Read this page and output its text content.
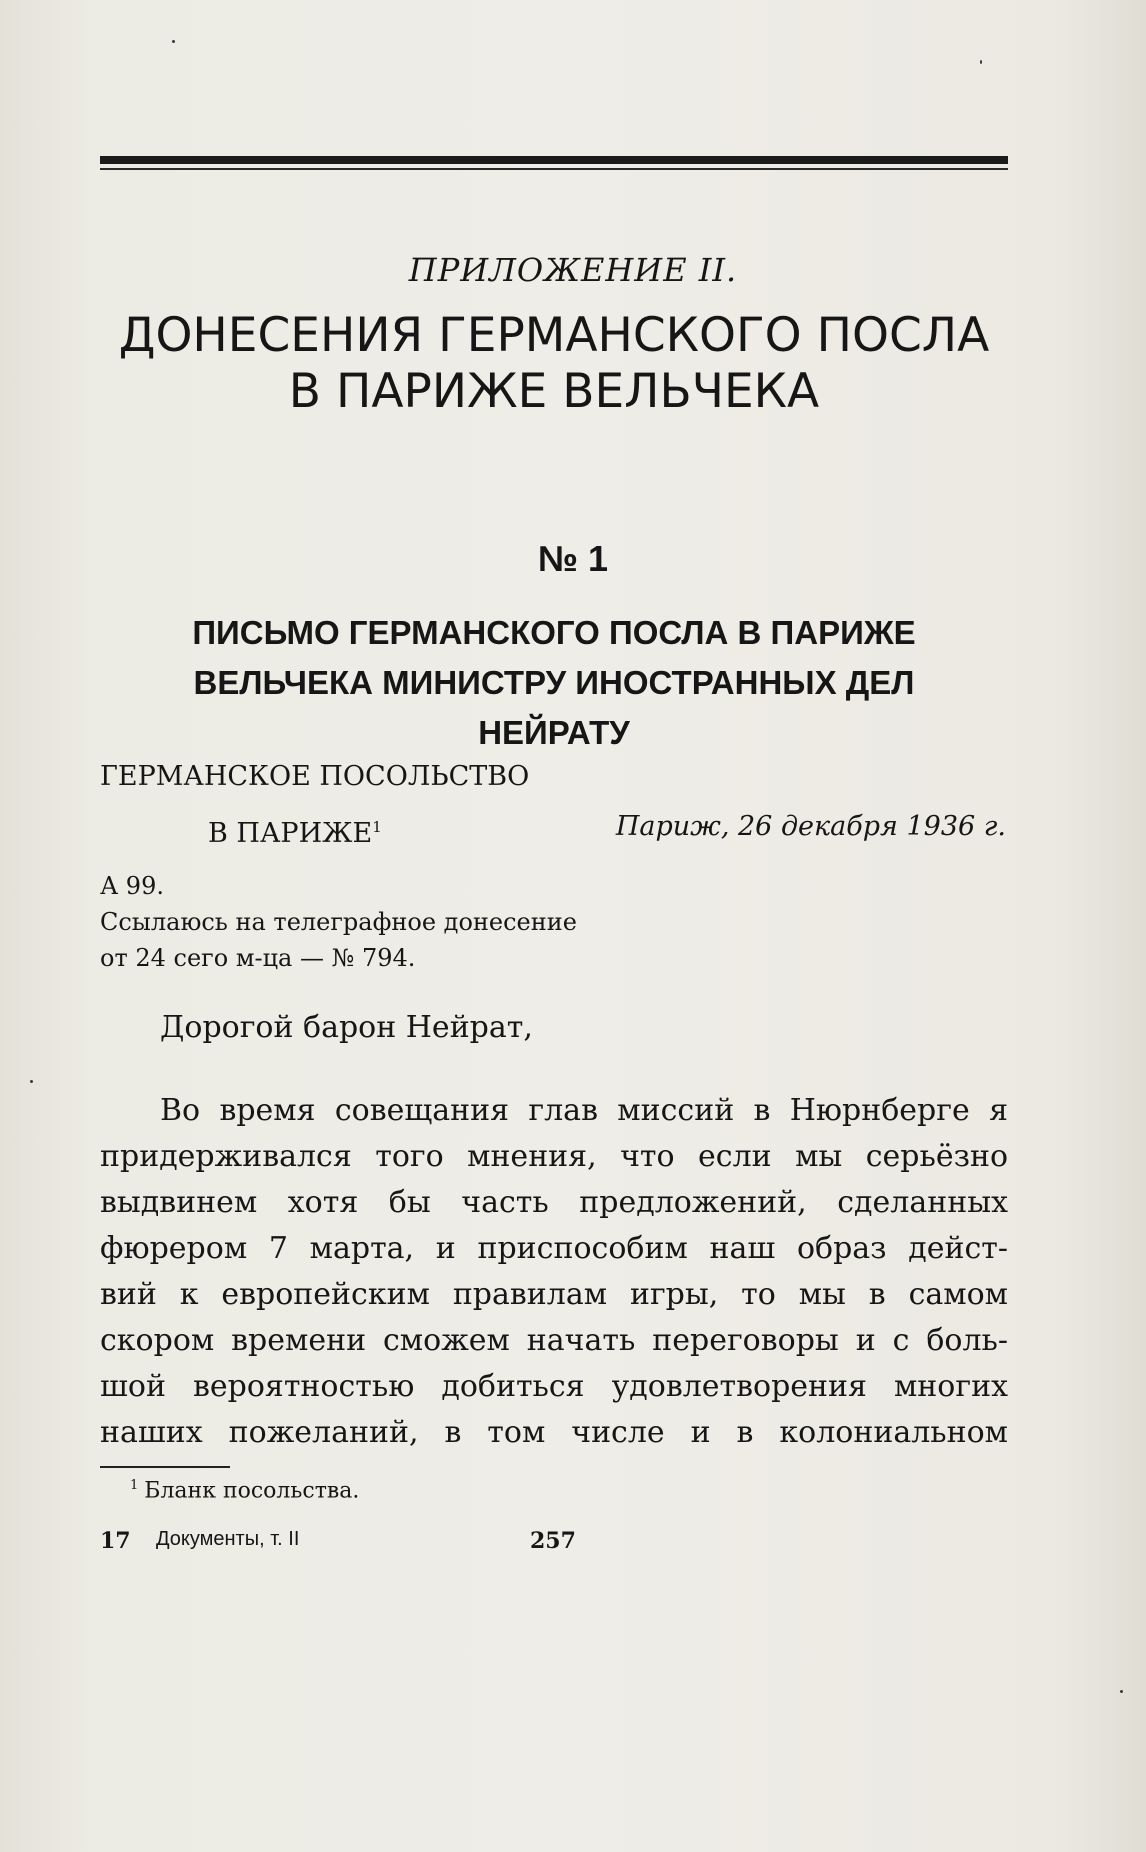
ПРИЛОЖЕНИЕ II.
ДОНЕСЕНИЯ ГЕРМАНСКОГО ПОСЛА
В ПАРИЖЕ ВЕЛЬЧЕКА
№ 1
ПИСЬМО ГЕРМАНСКОГО ПОСЛА В ПАРИЖЕ
ВЕЛЬЧЕКА МИНИСТРУ ИНОСТРАННЫХ ДЕЛ
НЕЙРАТУ
ГЕРМАНСКОЕ ПОСОЛЬСТВО
В ПАРИЖЕ$^1$	Париж, 26 декабря 1936 г.
А 99.
Ссылаюсь на телеграфное донесение
от 24 сего м-ца — № 794.
Дорогой барон Нейрат,
Во время совещания глав миссий в Нюрнберге я
придерживался того мнения, что если мы серьёзно
выдвинем хотя бы часть предложений, сделанных
фюрером 7 марта, и приспособим наш образ дейст-
вий к европейским правилам игры, то мы в самом
скором времени сможем начать переговоры и с боль-
шой вероятностью добиться удовлетворения многих
наших пожеланий, в том числе и в колониальном
$^1$ Бланк посольства.
17 Документы, т. II	257
